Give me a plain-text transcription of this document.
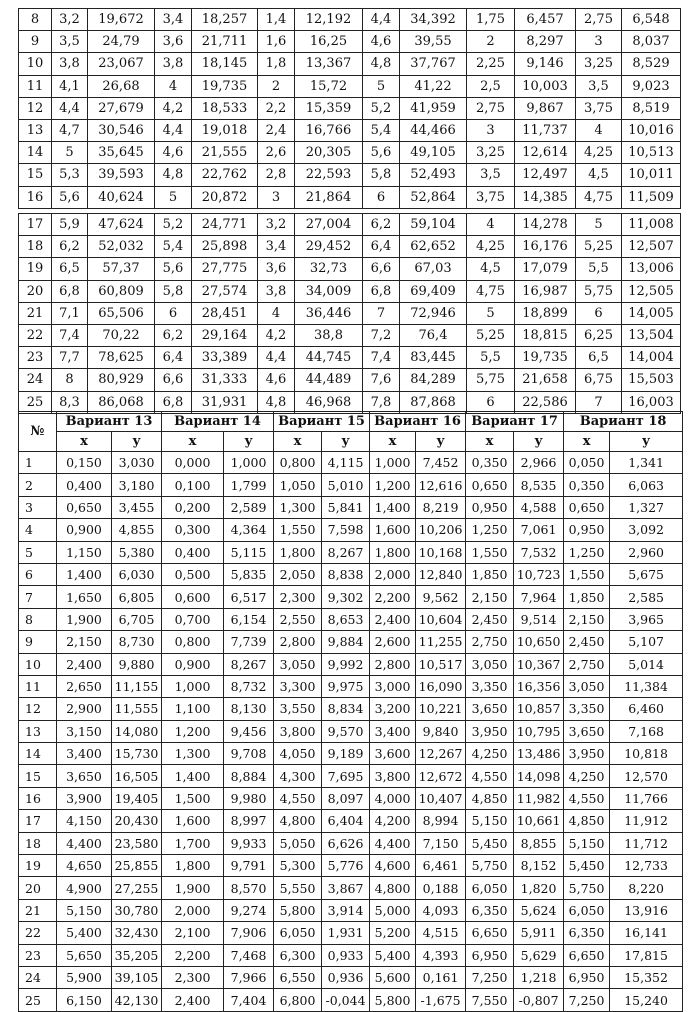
8	3,2	19,672	3,4	18,257	1,4	12,192	4,4	34,392	1,75	6,457	2,75	6,548
9	3,5	24,79	3,6	21,711	1,6	16,25	4,6	39,55	2	8,297	3	8,037
10	3,8	23,067	3,8	18,145	1,8	13,367	4,8	37,767	2,25	9,146	3,25	8,529
11	4,1	26,68	4	19,735	2	15,72	5	41,22	2,5	10,003	3,5	9,023
12	4,4	27,679	4,2	18,533	2,2	15,359	5,2	41,959	2,75	9,867	3,75	8,519
13	4,7	30,546	4,4	19,018	2,4	16,766	5,4	44,466	3	11,737	4	10,016
14	5	35,645	4,6	21,555	2,6	20,305	5,6	49,105	3,25	12,614	4,25	10,513
15	5,3	39,593	4,8	22,762	2,8	22,593	5,8	52,493	3,5	12,497	4,5	10,011
16	5,6	40,624	5	20,872	3	21,864	6	52,864	3,75	14,385	4,75	11,509
17	5,9	47,624	5,2	24,771	3,2	27,004	6,2	59,104	4	14,278	5	11,008
18	6,2	52,032	5,4	25,898	3,4	29,452	6,4	62,652	4,25	16,176	5,25	12,507
19	6,5	57,37	5,6	27,775	3,6	32,73	6,6	67,03	4,5	17,079	5,5	13,006
20	6,8	60,809	5,8	27,574	3,8	34,009	6,8	69,409	4,75	16,987	5,75	12,505
21	7,1	65,506	6	28,451	4	36,446	7	72,946	5	18,899	6	14,005
22	7,4	70,22	6,2	29,164	4,2	38,8	7,2	76,4	5,25	18,815	6,25	13,504
23	7,7	78,625	6,4	33,389	4,4	44,745	7,4	83,445	5,5	19,735	6,5	14,004
24	8	80,929	6,6	31,333	4,6	44,489	7,6	84,289	5,75	21,658	6,75	15,503
25	8,3	86,068	6,8	31,931	4,8	46,968	7,8	87,868	6	22,586	7	16,003
№	Вариант 13		Вариант 14		Вариант 15		Вариант 16		Вариант 17		Вариант 18	
	x	y	x	y	x	y	x	y	x	y	x	y
1	0,150	3,030	0,000	1,000	0,800	4,115	1,000	7,452	0,350	2,966	0,050	1,341
2	0,400	3,180	0,100	1,799	1,050	5,010	1,200	12,616	0,650	8,535	0,350	6,063
3	0,650	3,455	0,200	2,589	1,300	5,841	1,400	8,219	0,950	4,588	0,650	1,327
4	0,900	4,855	0,300	4,364	1,550	7,598	1,600	10,206	1,250	7,061	0,950	3,092
5	1,150	5,380	0,400	5,115	1,800	8,267	1,800	10,168	1,550	7,532	1,250	2,960
6	1,400	6,030	0,500	5,835	2,050	8,838	2,000	12,840	1,850	10,723	1,550	5,675
7	1,650	6,805	0,600	6,517	2,300	9,302	2,200	9,562	2,150	7,964	1,850	2,585
8	1,900	6,705	0,700	6,154	2,550	8,653	2,400	10,604	2,450	9,514	2,150	3,965
9	2,150	8,730	0,800	7,739	2,800	9,884	2,600	11,255	2,750	10,650	2,450	5,107
10	2,400	9,880	0,900	8,267	3,050	9,992	2,800	10,517	3,050	10,367	2,750	5,014
11	2,650	11,155	1,000	8,732	3,300	9,975	3,000	16,090	3,350	16,356	3,050	11,384
12	2,900	11,555	1,100	8,130	3,550	8,834	3,200	10,221	3,650	10,857	3,350	6,460
13	3,150	14,080	1,200	9,456	3,800	9,570	3,400	9,840	3,950	10,795	3,650	7,168
14	3,400	15,730	1,300	9,708	4,050	9,189	3,600	12,267	4,250	13,486	3,950	10,818
15	3,650	16,505	1,400	8,884	4,300	7,695	3,800	12,672	4,550	14,098	4,250	12,570
16	3,900	19,405	1,500	9,980	4,550	8,097	4,000	10,407	4,850	11,982	4,550	11,766
17	4,150	20,430	1,600	8,997	4,800	6,404	4,200	8,994	5,150	10,661	4,850	11,912
18	4,400	23,580	1,700	9,933	5,050	6,626	4,400	7,150	5,450	8,855	5,150	11,712
19	4,650	25,855	1,800	9,791	5,300	5,776	4,600	6,461	5,750	8,152	5,450	12,733
20	4,900	27,255	1,900	8,570	5,550	3,867	4,800	0,188	6,050	1,820	5,750	8,220
21	5,150	30,780	2,000	9,274	5,800	3,914	5,000	4,093	6,350	5,624	6,050	13,916
22	5,400	32,430	2,100	7,906	6,050	1,931	5,200	4,515	6,650	5,911	6,350	16,141
23	5,650	35,205	2,200	7,468	6,300	0,933	5,400	4,393	6,950	5,629	6,650	17,815
24	5,900	39,105	2,300	7,966	6,550	0,936	5,600	0,161	7,250	1,218	6,950	15,352
25	6,150	42,130	2,400	7,404	6,800	-0,044	5,800	-1,675	7,550	-0,807	7,250	15,240
